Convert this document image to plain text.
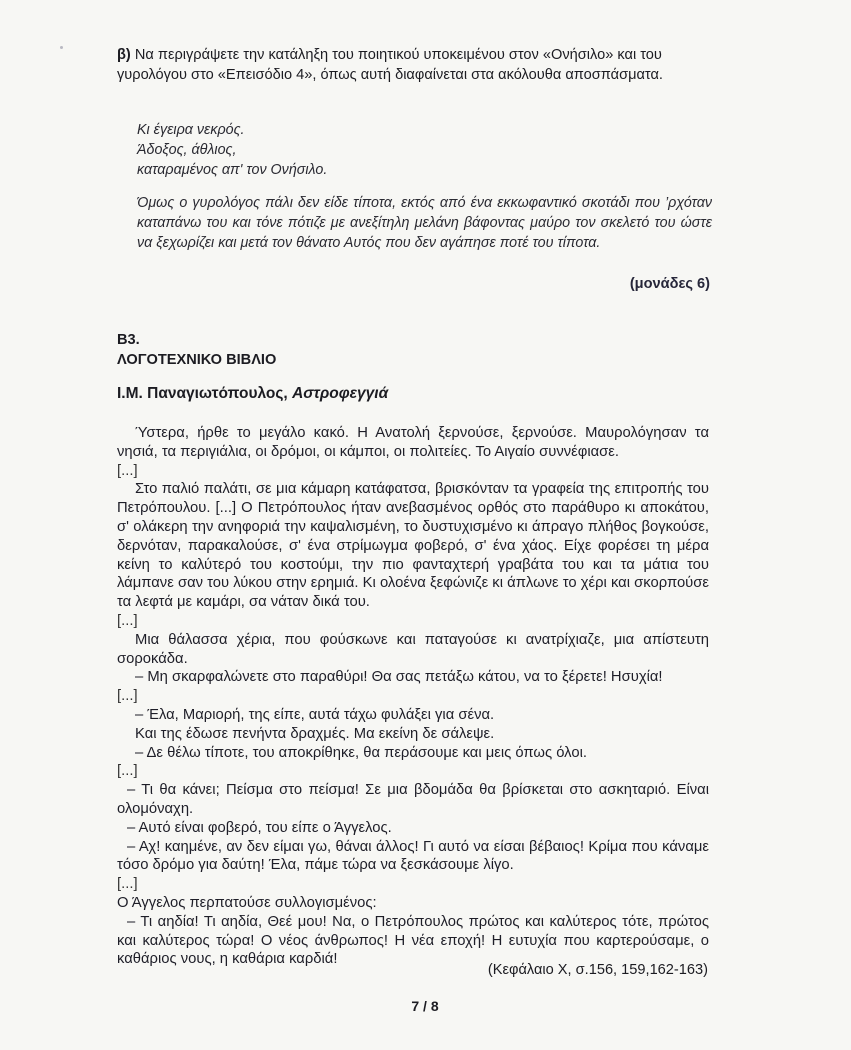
β) Να περιγράψετε την κατάληξη του ποιητικού υποκειμένου στον «Ονήσιλο» και του γυρολόγου στο «Επεισόδιο 4», όπως αυτή διαφαίνεται στα ακόλουθα αποσπάσματα.

Κι έγειρα νεκρός.
Άδοξος, άθλιος,
καταραμένος απ' τον Ονήσιλο.

Όμως ο γυρολόγος πάλι δεν είδε τίποτα, εκτός από ένα εκκωφαντικό σκοτάδι που ’ρχόταν καταπάνω του και τόνε πότιζε με ανεξίτηλη μελάνη βάφοντας μαύρο τον σκελετό του ώστε να ξεχωρίζει και μετά τον θάνατο Αυτός που δεν αγάπησε ποτέ του τίποτα.

(μονάδες 6)
Β3.
ΛΟΓΟΤΕΧΝΙΚΟ ΒΙΒΛΙΟ
Ι.Μ. Παναγιωτόπουλος, Αστροφεγγιά

Ύστερα, ήρθε το μεγάλο κακό. Η Ανατολή ξερνούσε, ξερνούσε. Μαυρολόγησαν τα νησιά, τα περιγιάλια, οι δρόμοι, οι κάμποι, οι πολιτείες. Το Αιγαίο συννέφιασε.

[...]

Στο παλιό παλάτι, σε μια κάμαρη κατάφατσα, βρισκόνταν τα γραφεία της επιτροπής του Πετρόπουλου. [...] Ο Πετρόπουλος ήταν ανεβασμένος ορθός στο παράθυρο κι αποκάτου, σ' ολάκερη την ανηφοριά την καψαλισμένη, το δυστυχισμένο κι άπραγο πλήθος βογκούσε, δερνόταν, παρακαλούσε, σ' ένα στρίμωγμα φοβερό, σ' ένα χάος. Είχε φορέσει τη μέρα κείνη το καλύτερό του κοστούμι, την πιο φανταχτερή γραβάτα του και τα μάτια του λάμπανε σαν του λύκου στην ερημιά. Κι ολοένα ξεφώνιζε κι άπλωνε το χέρι και σκορπούσε τα λεφτά με καμάρι, σα νάταν δικά του.

[...]

Μια θάλασσα χέρια, που φούσκωνε και παταγούσε κι ανατρίχιαζε, μια απίστευτη σοροκάδα.

– Μη σκαρφαλώνετε στο παραθύρι! Θα σας πετάξω κάτου, να το ξέρετε! Ησυχία!

[...]

– Έλα, Μαριορή, της είπε, αυτά τάχω φυλάξει για σένα.

Και της έδωσε πενήντα δραχμές. Μα εκείνη δε σάλεψε.

– Δε θέλω τίποτε, του αποκρίθηκε, θα περάσουμε και μεις όπως όλοι.

[...]

– Τι θα κάνει; Πείσμα στο πείσμα! Σε μια βδομάδα θα βρίσκεται στο ασκηταριό. Είναι ολομόναχη.

– Αυτό είναι φοβερό, του είπε ο Άγγελος.

– Αχ! καημένε, αν δεν είμαι γω, θάναι άλλος! Γι αυτό να είσαι βέβαιος! Κρίμα που κάναμε τόσο δρόμο για δαύτη! Έλα, πάμε τώρα να ξεσκάσουμε λίγο.

[...]

Ο Άγγελος περπατούσε συλλογισμένος:

– Τι αηδία! Τι αηδία, Θεέ μου! Να, ο Πετρόπουλος πρώτος και καλύτερος τότε, πρώτος και καλύτερος τώρα! Ο νέος άνθρωπος! Η νέα εποχή! Η ευτυχία που καρτερούσαμε, ο καθάριος νους, η καθάρια καρδιά!

(Κεφάλαιο Χ, σ.156, 159,162-163)
7 / 8
